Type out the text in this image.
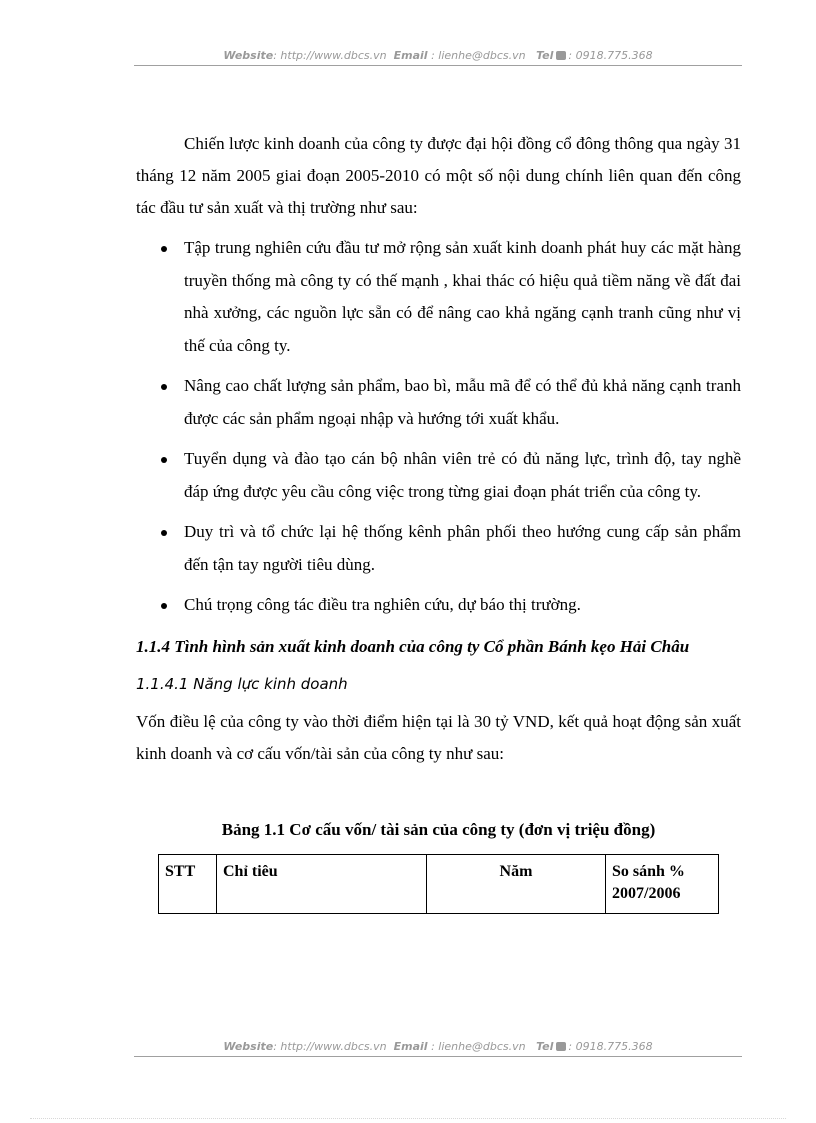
Website: http://www.dbcs.vn Email : lienhe@dbcs.vn Tel : 0918.775.368

Chiến lược kinh doanh của công ty được đại hội đồng cổ đông thông qua ngày 31 tháng 12 năm 2005 giai đoạn 2005-2010 có một số nội dung chính liên quan đến công tác đầu tư sản xuất và thị trường như sau:

Tập trung nghiên cứu đầu tư mở rộng sản xuất kinh doanh phát huy các mặt hàng truyền thống mà công ty có thế mạnh , khai thác có hiệu quả tiềm năng về đất đai nhà xưởng, các nguồn lực sẵn có để nâng cao khả ngăng cạnh tranh cũng như vị thế của công ty.
Nâng cao chất lượng sản phẩm, bao bì, mẫu mã để có thể đủ khả năng cạnh tranh được các sản phẩm ngoại nhập và hướng tới xuất khẩu.
Tuyển dụng và đào tạo cán bộ nhân viên trẻ có đủ năng lực, trình độ, tay nghề đáp ứng được yêu cầu công việc trong từng giai đoạn phát triển của công ty.
Duy trì và tổ chức lại hệ thống kênh phân phối theo hướng cung cấp sản phẩm đến tận tay người tiêu dùng.
Chú trọng công tác điều tra nghiên cứu, dự báo thị trường.

1.1.4 Tình hình sản xuất kinh doanh của công ty Cổ phần Bánh kẹo Hải Châu

1.1.4.1 Năng lực kinh doanh

Vốn điều lệ của công ty vào thời điểm hiện tại là 30 tỷ VND, kết quả hoạt động sản xuất kinh doanh và cơ cấu vốn/tài sản của công ty như sau:

Bảng 1.1 Cơ cấu vốn/ tài sản của công ty (đơn vị triệu đồng)

STT	Chỉ tiêu	Năm	So sánh % 2007/2006
Website: http://www.dbcs.vn Email : lienhe@dbcs.vn Tel : 0918.775.368
